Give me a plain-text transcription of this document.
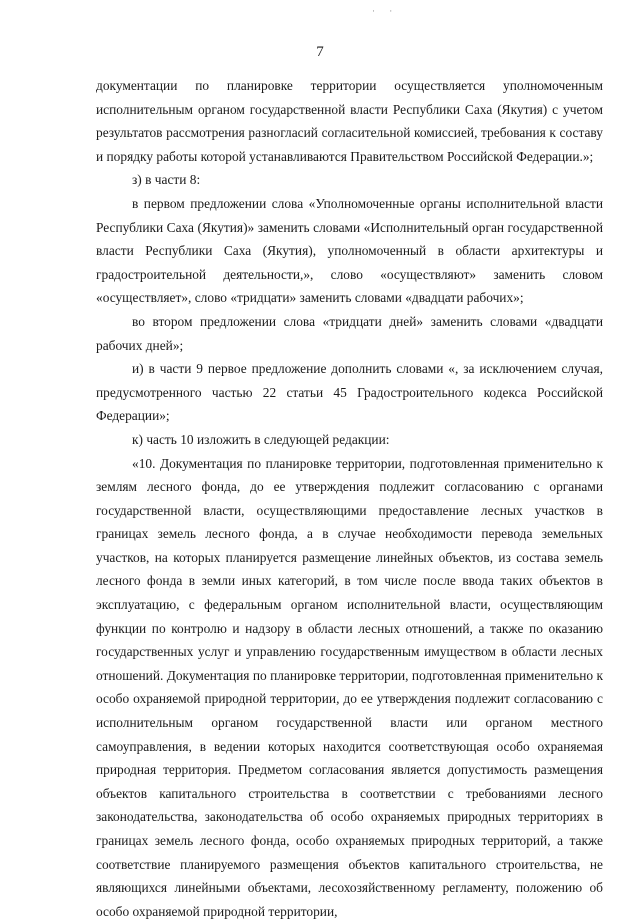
· ·
7

документации по планировке территории осуществляется уполномоченным исполнительным органом государственной власти Республики Саха (Якутия) с учетом результатов рассмотрения разногласий согласительной комиссией, требования к составу и порядку работы которой устанавливаются Правительством Российской Федерации.»;

з) в части 8:

в первом предложении слова «Уполномоченные органы исполнительной власти Республики Саха (Якутия)» заменить словами «Исполнительный орган государственной власти Республики Саха (Якутия), уполномоченный в области архитектуры и градостроительной деятельности,», слово «осуществляют» заменить словом «осуществляет», слово «тридцати» заменить словами «двадцати рабочих»;

во втором предложении слова «тридцати дней» заменить словами «двадцати рабочих дней»;

и) в части 9 первое предложение дополнить словами «, за исключением случая, предусмотренного частью 22 статьи 45 Градостроительного кодекса Российской Федерации»;

к) часть 10 изложить в следующей редакции:

«10. Документация по планировке территории, подготовленная применительно к землям лесного фонда, до ее утверждения подлежит согласованию с органами государственной власти, осуществляющими предоставление лесных участков в границах земель лесного фонда, а в случае необходимости перевода земельных участков, на которых планируется размещение линейных объектов, из состава земель лесного фонда в земли иных категорий, в том числе после ввода таких объектов в эксплуатацию, с федеральным органом исполнительной власти, осуществляющим функции по контролю и надзору в области лесных отношений, а также по оказанию государственных услуг и управлению государственным имуществом в области лесных отношений. Документация по планировке территории, подготовленная применительно к особо охраняемой природной территории, до ее утверждения подлежит согласованию с исполнительным органом государственной власти или органом местного самоуправления, в ведении которых находится соответствующая особо охраняемая природная территория. Предметом согласования является допустимость размещения объектов капитального строительства в соответствии с требованиями лесного законодательства, законодательства об особо охраняемых природных территориях в границах земель лесного фонда, особо охраняемых природных территорий, а также соответствие планируемого размещения объектов капитального строительства, не являющихся линейными объектами, лесохозяйственному регламенту, положению об особо охраняемой природной территории,
